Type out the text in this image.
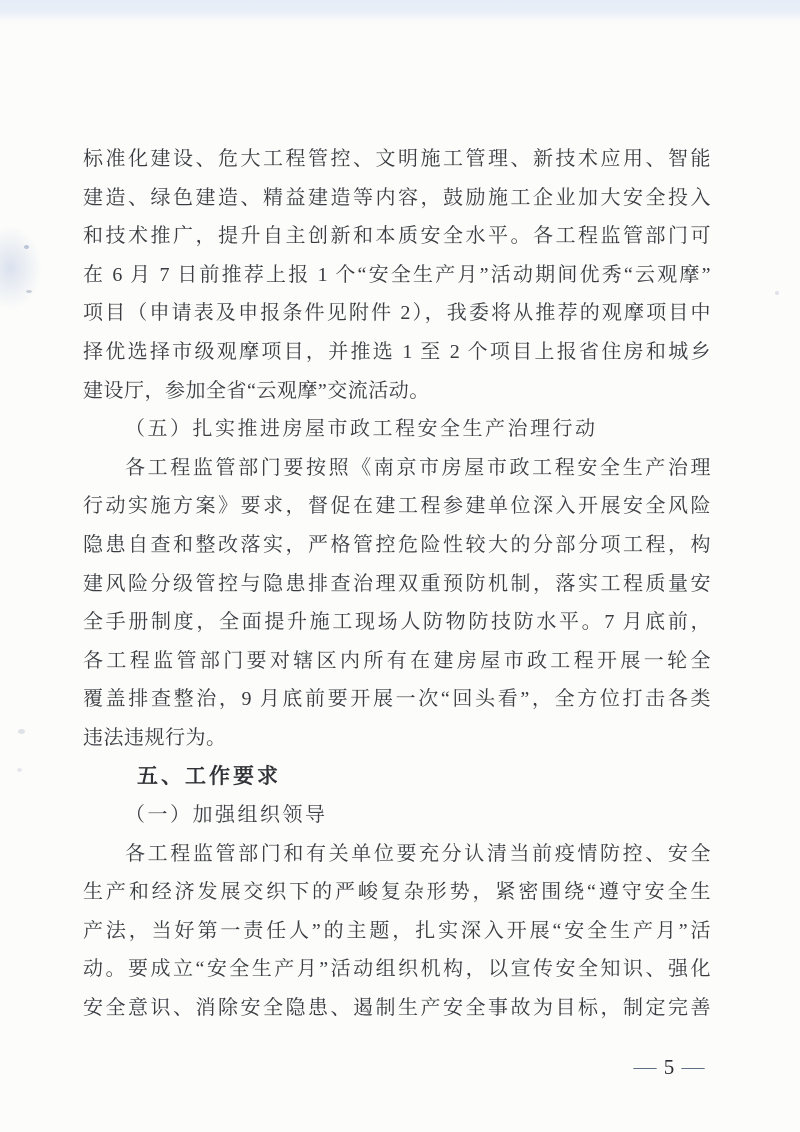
标准化建设、危大工程管控、文明施工管理、新技术应用、智能
建造、绿色建造、精益建造等内容，鼓励施工企业加大安全投入
和技术推广，提升自主创新和本质安全水平。各工程监管部门可
在 6 月 7 日前推荐上报 1 个“安全生产月”活动期间优秀“云观摩”
项目（申请表及申报条件见附件 2），我委将从推荐的观摩项目中
择优选择市级观摩项目，并推选 1 至 2 个项目上报省住房和城乡
建设厅，参加全省“云观摩”交流活动。
（五）扎实推进房屋市政工程安全生产治理行动
各工程监管部门要按照《南京市房屋市政工程安全生产治理
行动实施方案》要求，督促在建工程参建单位深入开展安全风险
隐患自查和整改落实，严格管控危险性较大的分部分项工程，构
建风险分级管控与隐患排查治理双重预防机制，落实工程质量安
全手册制度，全面提升施工现场人防物防技防水平。7 月底前，
各工程监管部门要对辖区内所有在建房屋市政工程开展一轮全
覆盖排查整治，9 月底前要开展一次“回头看”，全方位打击各类
违法违规行为。
五、工作要求
（一）加强组织领导
各工程监管部门和有关单位要充分认清当前疫情防控、安全
生产和经济发展交织下的严峻复杂形势，紧密围绕“遵守安全生
产法，当好第一责任人”的主题，扎实深入开展“安全生产月”活
动。要成立“安全生产月”活动组织机构，以宣传安全知识、强化
安全意识、消除安全隐患、遏制生产安全事故为目标，制定完善
— 5 —
